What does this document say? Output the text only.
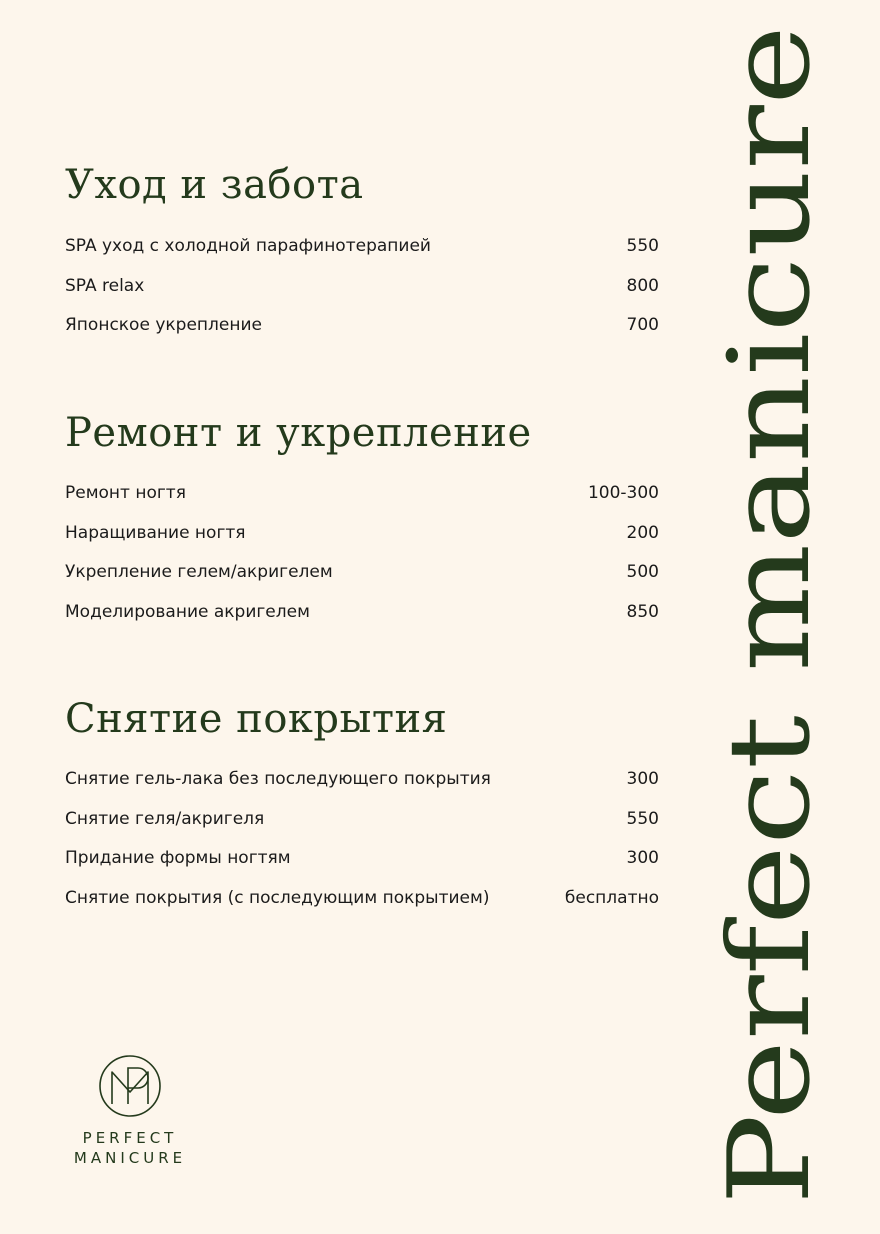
Уход и забота
SPA уход с холодной парафинотерапией	550
SPA relax	800
Японское укрепление	700
Ремонт и укрепление
Ремонт ногтя	100-300
Наращивание ногтя	200
Укрепление гелем/акригелем	500
Моделирование акригелем	850
Снятие покрытия
Снятие гель-лака без последующего покрытия	300
Снятие геля/акригеля	550
Придание формы ногтям	300
Снятие покрытия (с последующим покрытием)	бесплатно Perfect manicure
PERFECT
MANICURE
